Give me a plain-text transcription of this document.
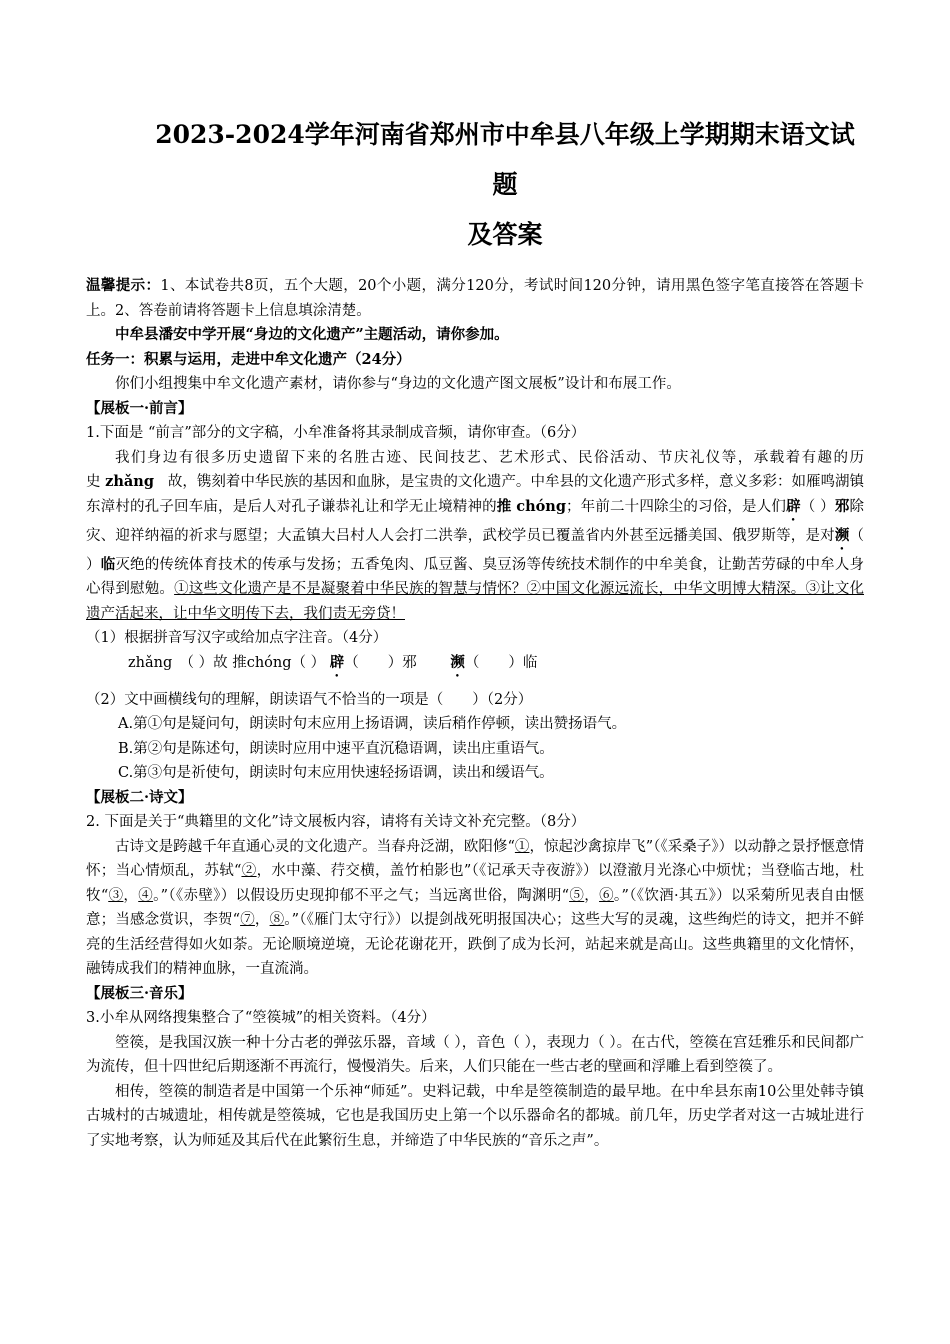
2023-2024学年河南省郑州市中牟县八年级上学期期末语文试题
及答案

温馨提示：1、本试卷共8页，五个大题，20个小题，满分120分，考试时间120分钟，请用黑色签字笔直接答在答题卡上。2、答卷前请将答题卡上信息填涂清楚。

中牟县潘安中学开展“身边的文化遗产”主题活动，请你参加。

任务一：积累与运用，走进中牟文化遗产（24分）

你们小组搜集中牟文化遗产素材，请你参与“身边的文化遗产图文展板”设计和布展工作。

【展板一·前言】

1.下面是 “前言”部分的文字稿，小牟准备将其录制成音频，请你审查。（6分）

我们身边有很多历史遗留下来的名胜古迹、民间技艺、艺术形式、民俗活动、节庆礼仪等，承载着有趣的历史 zhǎng 故，镌刻着中华民族的基因和血脉，是宝贵的文化遗产。中牟县的文化遗产形式多样，意义多彩：如雁鸣湖镇东漳村的孔子回车庙，是后人对孔子谦恭礼让和学无止境精神的推 chóng；年前二十四除尘的习俗，是人们辟（ ）邪除灾、迎祥纳福的祈求与愿望；大孟镇大吕村人人会打二洪拳，武校学员已覆盖省内外甚至远播美国、俄罗斯等，是对濒（ ）临灭绝的传统体育技术的传承与发扬；五香兔肉、瓜豆酱、臭豆汤等传统技术制作的中牟美食，让勤苦劳碌的中牟人身心得到慰勉。①这些文化遗产是不是凝聚着中华民族的智慧与情怀？②中国文化源远流长，中华文明博大精深。③让文化遗产活起来，让中华文明传下去，我们责无旁贷！

（1）根据拼音写汉字或给加点字注音。（4分）

zhǎng　（ ）故 推chóng（ ） 辟（　　）邪　　 濒（　　）临

（2）文中画横线句的理解，朗读语气不恰当的一项是（　　）（2分）

A.第①句是疑问句，朗读时句末应用上扬语调，读后稍作停顿，读出赞扬语气。

B.第②句是陈述句，朗读时应用中速平直沉稳语调，读出庄重语气。

C.第③句是祈使句，朗读时句末应用快速轻扬语调，读出和缓语气。

【展板二·诗文】

2. 下面是关于“典籍里的文化”诗文展板内容，请将有关诗文补充完整。（8分）

古诗文是跨越千年直通心灵的文化遗产。当春舟泛湖，欧阳修“①，惊起沙禽掠岸飞”（《采桑子》）以动静之景抒惬意情怀；当心情烦乱，苏轼“②，水中藻、荇交横，盖竹柏影也”（《记承天寺夜游》）以澄澈月光涤心中烦忧；当登临古地，杜牧“③，④。”（《赤壁》）以假设历史现抑郁不平之气；当远离世俗，陶渊明“⑤，⑥。”（《饮酒·其五》）以采菊所见表自由惬意；当感念赏识，李贺“⑦，⑧。”（《雁门太守行》）以提剑战死明报国决心；这些大写的灵魂，这些绚烂的诗文，把并不鲜亮的生活经营得如火如荼。无论顺境逆境，无论花谢花开，跌倒了成为长河，站起来就是高山。这些典籍里的文化情怀，融铸成我们的精神血脉，一直流淌。

【展板三·音乐】

3.小牟从网络搜集整合了“箜篌城”的相关资料。（4分）

箜篌，是我国汉族一种十分古老的弹弦乐器，音域（ ），音色（ ），表现力（ ）。在古代，箜篌在宫廷雅乐和民间都广为流传，但十四世纪后期逐渐不再流行，慢慢消失。后来，人们只能在一些古老的壁画和浮雕上看到箜篌了。

相传，箜篌的制造者是中国第一个乐神“师延”。史料记载，中牟是箜篌制造的最早地。在中牟县东南10公里处韩寺镇古城村的古城遗址，相传就是箜篌城，它也是我国历史上第一个以乐器命名的都城。前几年，历史学者对这一古城址进行了实地考察，认为师延及其后代在此繁衍生息，并缔造了中华民族的“音乐之声”。
